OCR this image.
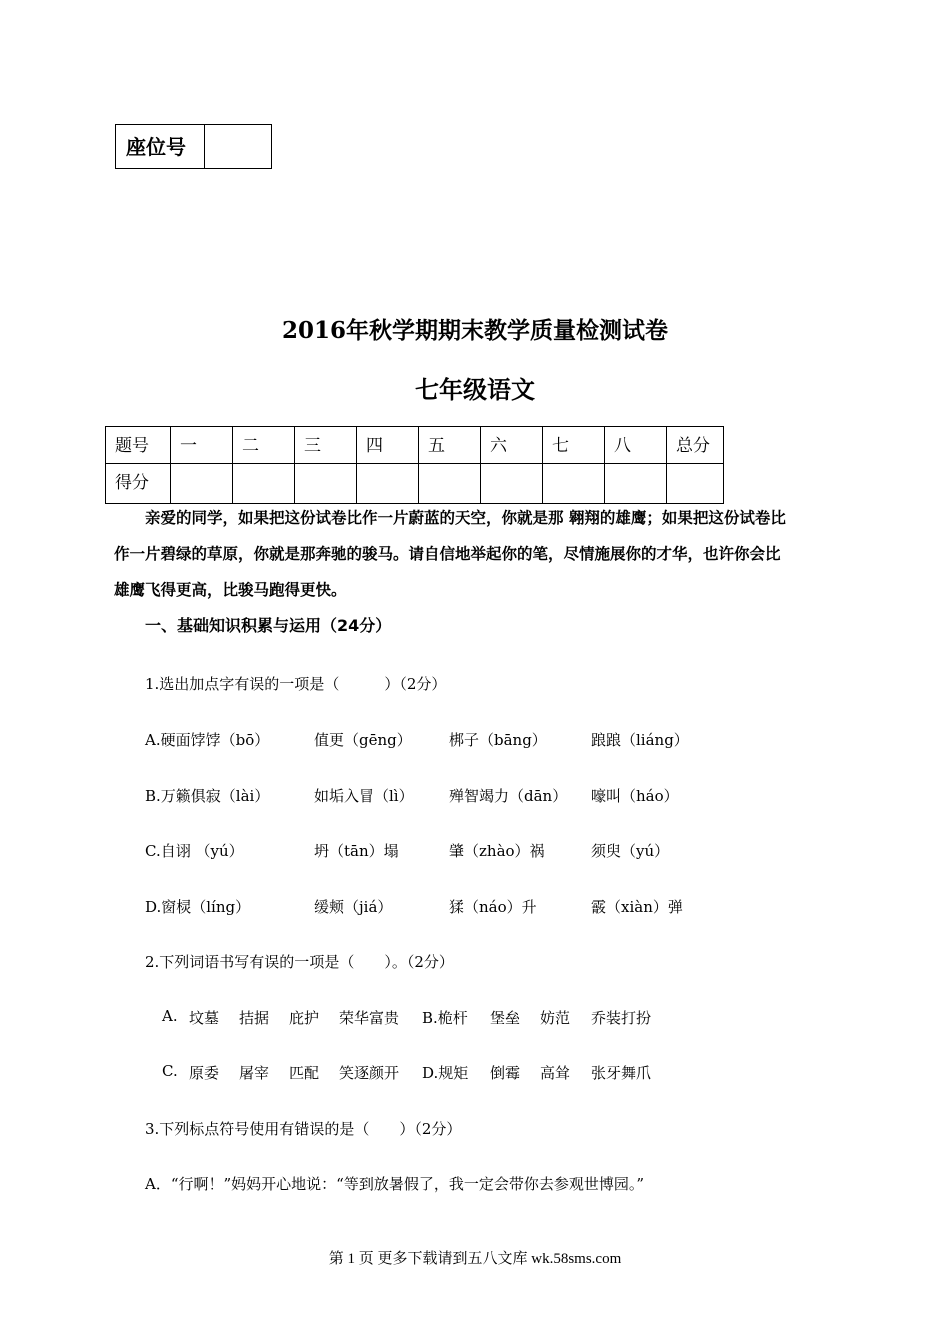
座位号
2016年秋学期期末教学质量检测试卷
七年级语文
题号	一	二	三	四	五	六	七	八	总分
得分									
亲爱的同学，如果把这份试卷比作一片蔚蓝的天空，你就是那 翱翔的雄鹰；如果把这份试卷比
作一片碧绿的草原，你就是那奔驰的骏马。请自信地举起你的笔，尽情施展你的才华，也许你会比
雄鹰飞得更高，比骏马跑得更快。
一、基础知识积累与运用（24分）
1.选出加点字有误的一项是（　　　）（2分）
A.硬面饽饽（bō）	值更（gēng） 梆子（bāng）	踉踉（liáng）
B.万籁俱寂（lài）	如垢入冒（lì） 殚智竭力（dān） 嚎叫（háo）
C.自诩 （yú）	坍（tān）塌	肇（zhào）祸	须臾（yú）
D.窗棂（líng）	缓颊（jiá）	猱（náo）升	霰（xiàn）弹
2.下列词语书写有误的一项是（　　）。（2分）
A. 坟墓 拮据 庇护 荣华富贵 B.桅杆 堡垒 妨范 乔装打扮
C. 原委 屠宰 匹配 笑逐颜开 D.规矩 倒霉 高耸 张牙舞爪
3.下列标点符号使用有错误的是（　　）（2分）
A．“行啊！”妈妈开心地说：“等到放暑假了，我一定会带你去参观世博园。”
第 1 页 更多下载请到五八文库 wk.58sms.com
